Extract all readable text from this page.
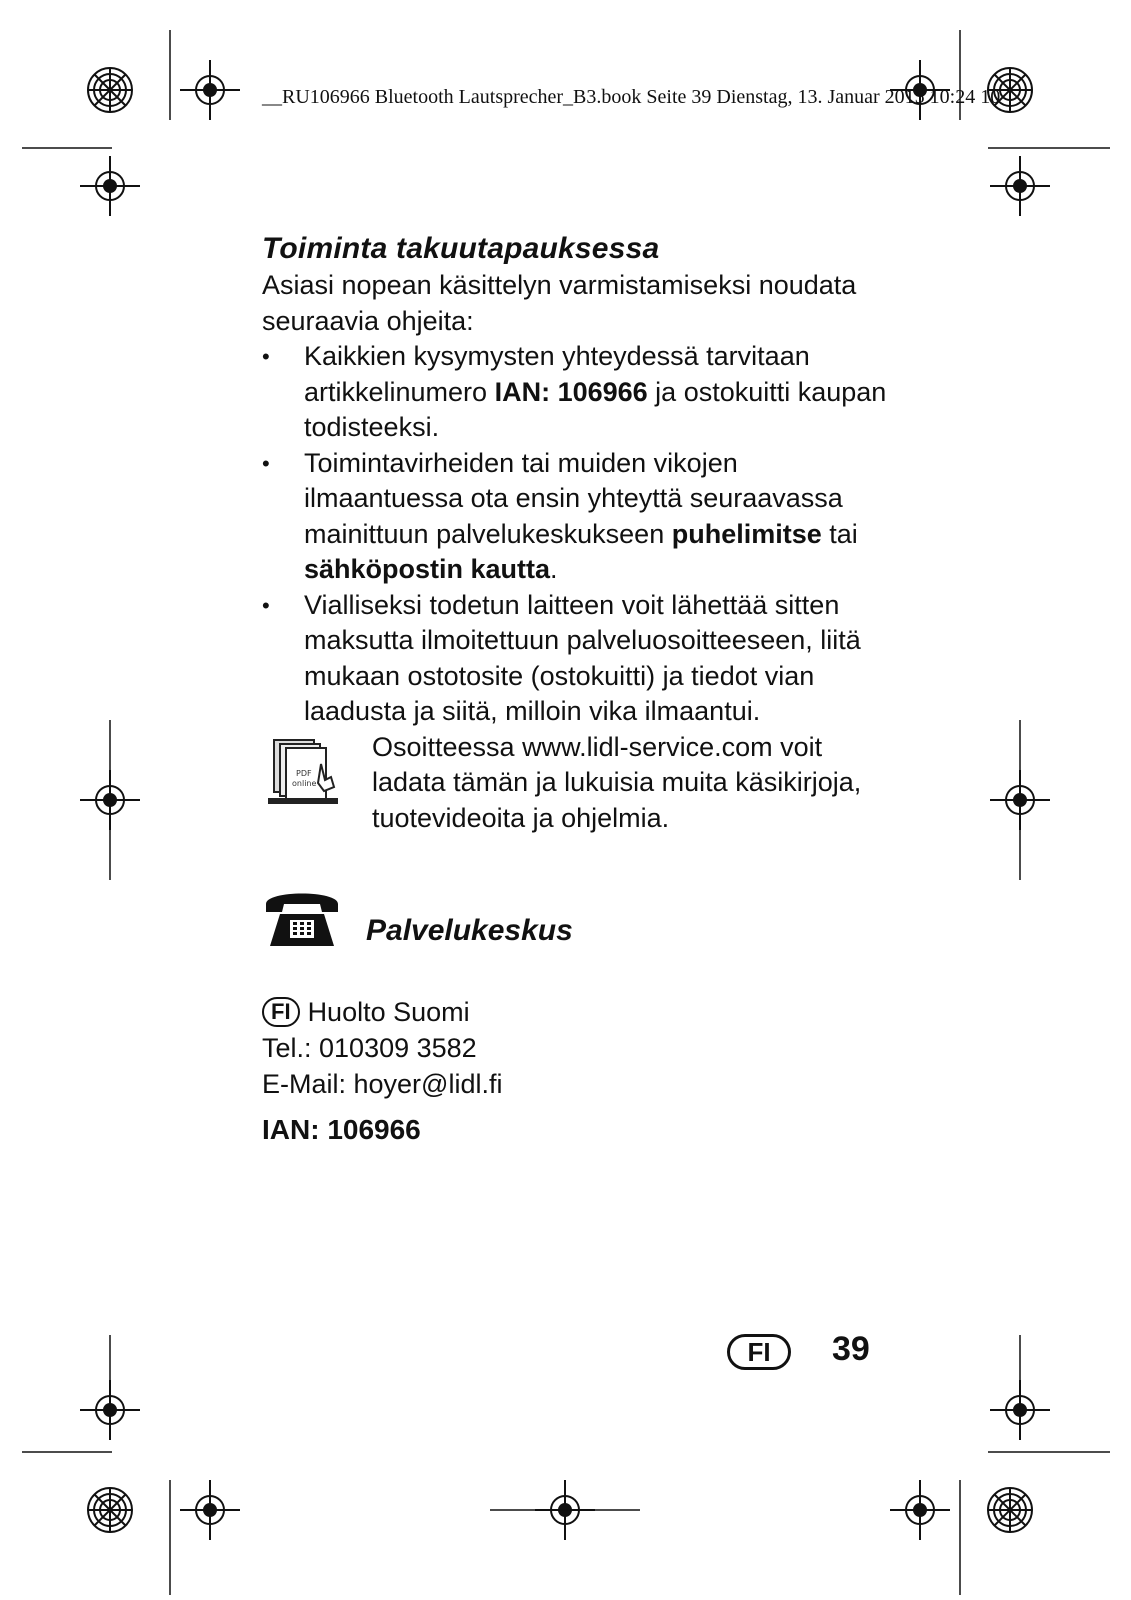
__RU106966 Bluetooth Lautsprecher_B3.book Seite 39 Dienstag, 13. Januar 2015 10:24 10
Toiminta takuutapauksessa

Asiasi nopean käsittelyn varmistamiseksi noudata seuraavia ohjeita:

• Kaikkien kysymysten yhteydessä tarvitaan artikkelinumero IAN: 106966 ja ostokuitti kaupan todisteeksi.
• Toimintavirheiden tai muiden vikojen ilmaantuessa ota ensin yhteyttä seuraavassa mainittuun palvelukeskukseen puhelimitse tai sähköpostin kautta.
• Vialliseksi todetun laitteen voit lähettää sitten maksutta ilmoitettuun palveluosoitteeseen, liitä mukaan ostotosite (ostokuitti) ja tiedot vian laadusta ja siitä, milloin vika ilmaantui.
PDF
online
Osoitteessa www.lidl-service.com voit ladata tämän ja lukuisia muita käsikirjoja, tuotevideoita ja ohjelmia.
Palvelukeskus
FI Huolto Suomi
Tel.: 010309 3582
E-Mail: hoyer@lidl.fi
IAN: 106966
FI	39
